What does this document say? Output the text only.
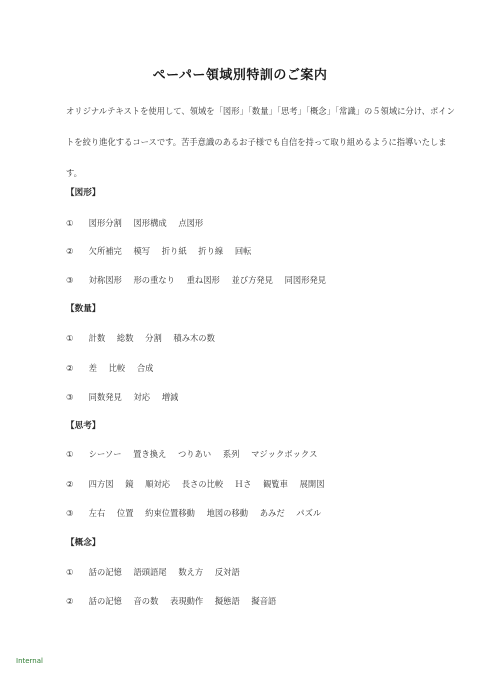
ペーパー領域別特訓のご案内
オリジナルテキストを使用して、領域を「図形」「数量」「思考」「概念」「常識」の５領域に分け、ポイン
トを絞り進化するコースです。苦手意識のあるお子様でも自信を持って取り組めるように指導いたしま
す。
【図形】
① 図形分割 図形構成 点図形
② 欠所補完 模写 折り紙 折り線 回転
③ 対称図形 形の重なり 重ね図形 並び方発見 同図形発見
【数量】
① 計数 総数 分割 積み木の数
② 差 比較 合成
③ 同数発見 対応 増減
【思考】
① シーソー 置き換え つりあい 系列 マジックボックス
② 四方図 鏡 順対応 長さの比較 Ｈさ 観覧車 展開図
③ 左右 位置 約束位置移動 地図の移動 あみだ パズル
【概念】
① 話の記憶 語頭語尾 数え方 反対語
② 話の記憶 音の数 表現動作 擬態語 擬音語
Internal
